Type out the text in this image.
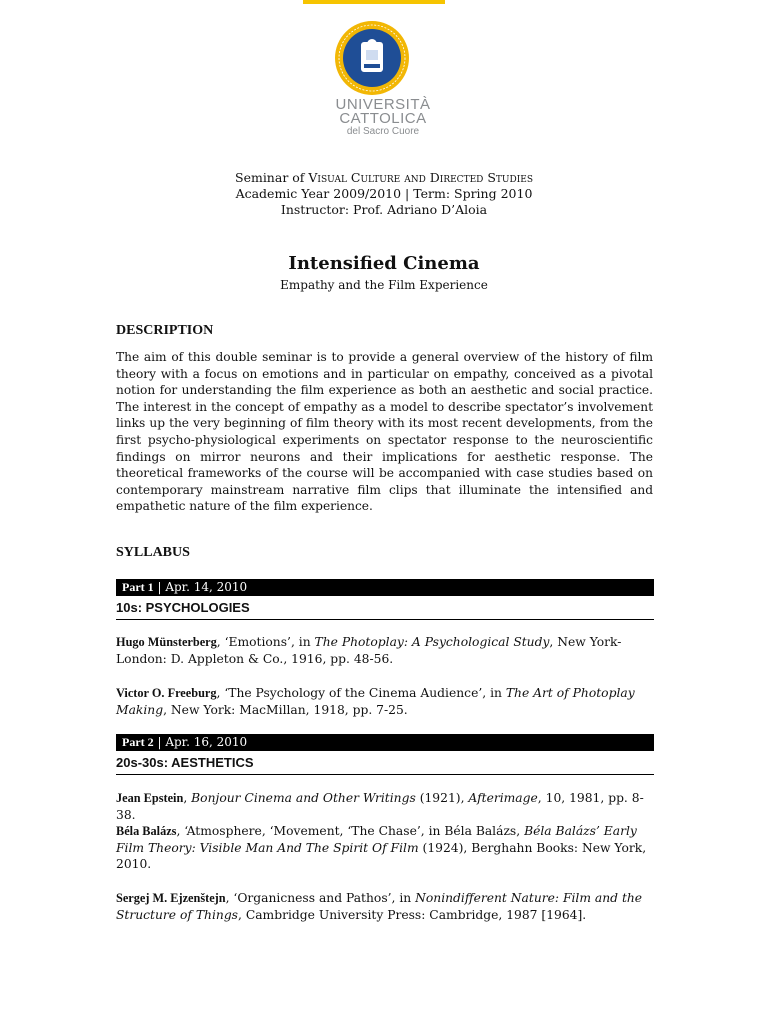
UNIVERSITÀ
CATTOLICA
del Sacro Cuore
Seminar of Visual Culture and Directed Studies
Academic Year 2009/2010 | Term: Spring 2010
Instructor: Prof. Adriano D’Aloia
Intensified Cinema
Empathy and the Film Experience
DESCRIPTION
The aim of this double seminar is to provide a general overview of the history of film theory with a focus on emotions and in particular on empathy, conceived as a pivotal notion for understanding the film experience as both an aesthetic and social practice. The interest in the concept of empathy as a model to describe spectator’s involvement links up the very beginning of film theory with its most recent developments, from the first psycho-physiological experiments on spectator response to the neuroscientific findings on mirror neurons and their implications for aesthetic response. The theoretical frameworks of the course will be accompanied with case studies based on contemporary mainstream narrative film clips that illuminate the intensified and empathetic nature of the film experience.
SYLLABUS
Part 1 | Apr. 14, 2010
10s: PSYCHOLOGIES
Hugo Münsterberg, ‘Emotions’, in The Photoplay: A Psychological Study, New York-London: D. Appleton & Co., 1916, pp. 48-56.
Victor O. Freeburg, ‘The Psychology of the Cinema Audience’, in The Art of Photoplay Making, New York: MacMillan, 1918, pp. 7-25.
Part 2 | Apr. 16, 2010
20s-30s: AESTHETICS
Jean Epstein, Bonjour Cinema and Other Writings (1921), Afterimage, 10, 1981, pp. 8-38.
Béla Balázs, ‘Atmosphere, ‘Movement, ‘The Chase’, in Béla Balázs, Béla Balázs’ Early Film Theory: Visible Man And The Spirit Of Film (1924), Berghahn Books: New York, 2010.
Sergej M. Ejzenštejn, ‘Organicness and Pathos’, in Nonindifferent Nature: Film and the Structure of Things, Cambridge University Press: Cambridge, 1987 [1964].
